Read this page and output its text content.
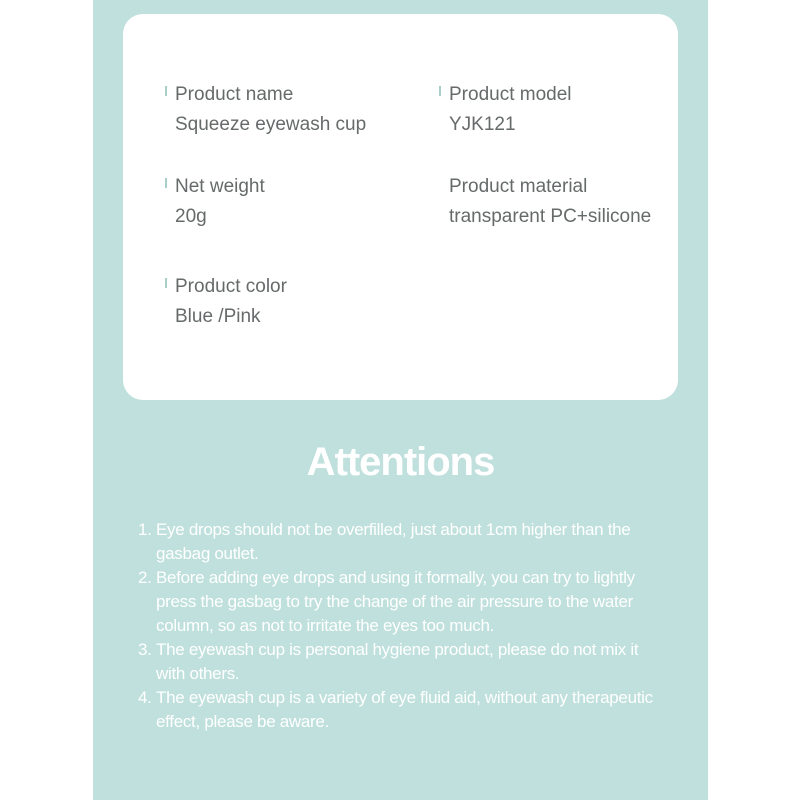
Product name
Squeeze eyewash cup
Product model
YJK121
Net weight
20g
Product material
transparent PC+silicone
Product color
Blue /Pink
Attentions
1. Eye drops should not be overfilled, just about 1cm higher than the gasbag outlet.
2. Before adding eye drops and using it formally, you can try to lightly press the gasbag to try the change of the air pressure to the water column, so as not to irritate the eyes too much.
3. The eyewash cup is personal hygiene product, please do not mix it with others.
4. The eyewash cup is a variety of eye fluid aid, without any therapeutic effect, please be aware.
